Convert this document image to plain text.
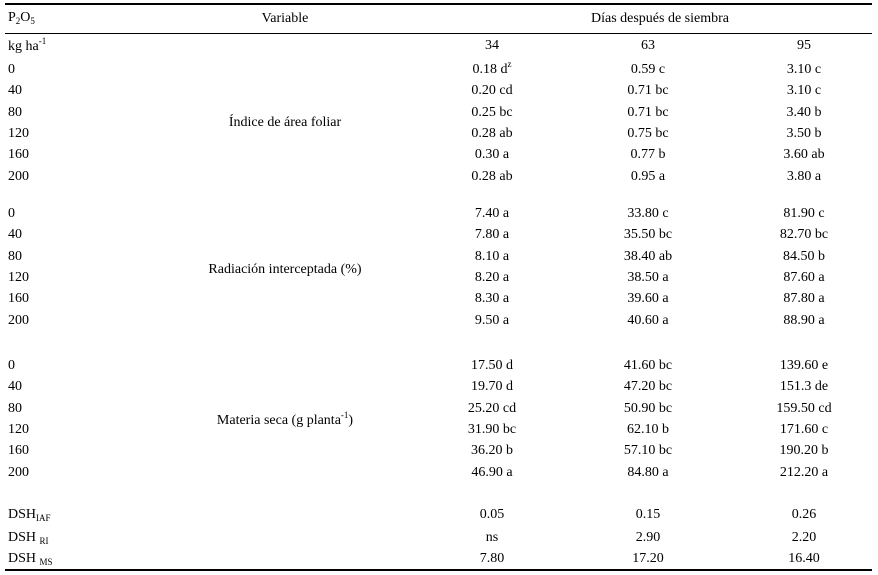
$P_2O_5$	Variable	Días después de siembra
kg $ha^{-1}$	34	63	95
Índice de área foliar
0	0.18 $d^z$	0.59 c	3.10 c
40	0.20 cd	0.71 bc	3.10 c
80	0.25 bc	0.71 bc	3.40 b
120	0.28 ab	0.75 bc	3.50 b
160	0.30 a	0.77 b	3.60 ab
200	0.28 ab	0.95 a	3.80 a
Radiación interceptada (%)
0	7.40 a	33.80 c	81.90 c
40	7.80 a	35.50 bc	82.70 bc
80	8.10 a	38.40 ab	84.50 b
120	8.20 a	38.50 a	87.60 a
160	8.30 a	39.60 a	87.80 a
200	9.50 a	40.60 a	88.90 a
Materia seca (g planta$^{-1}$)
0	17.50 d	41.60 bc	139.60 e
40	19.70 d	47.20 bc	151.3 de
80	25.20 cd	50.90 bc	159.50 cd
120	31.90 bc	62.10 b	171.60 c
160	36.20 b	57.10 bc	190.20 b
200	46.90 a	84.80 a	212.20 a
$DSH_{IAF}$	0.05	0.15	0.26
DSH $_{RI}$	ns	2.90	2.20
DSH $_{MS}$	7.80	17.20	16.40
